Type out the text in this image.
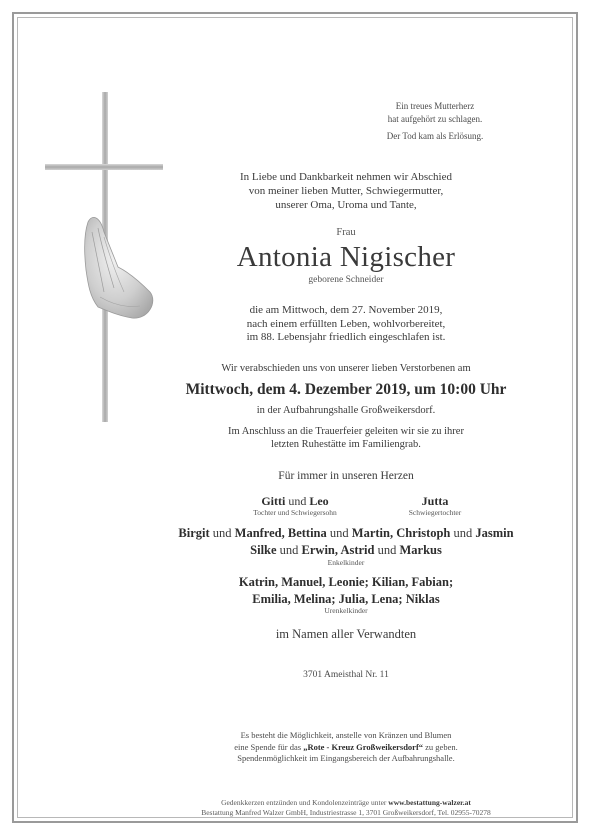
Ein treues Mutterherz
hat aufgehört zu schlagen.
Der Tod kam als Erlösung.
In Liebe und Dankbarkeit nehmen wir Abschied
von meiner lieben Mutter, Schwiegermutter,
unserer Oma, Uroma und Tante,
Frau
Antonia Nigischer
geborene Schneider
die am Mittwoch, dem 27. November 2019,
nach einem erfüllten Leben, wohlvorbereitet,
im 88. Lebensjahr friedlich eingeschlafen ist.
Wir verabschieden uns von unserer lieben Verstorbenen am
Mittwoch, dem 4. Dezember 2019, um 10:00 Uhr
in der Aufbahrungshalle Großweikersdorf.
Im Anschluss an die Trauerfeier geleiten wir sie zu ihrer
letzten Ruhestätte im Familiengrab.
Für immer in unseren Herzen
Gitti und Leo
Tochter und Schwiegersohn
Jutta
Schwiegertochter
Birgit und Manfred, Bettina und Martin, Christoph und Jasmin
Silke und Erwin, Astrid und Markus
Enkelkinder
Katrin, Manuel, Leonie; Kilian, Fabian;
Emilia, Melina; Julia, Lena; Niklas
Urenkelkinder
im Namen aller Verwandten
3701 Ameisthal Nr. 11
Es besteht die Möglichkeit, anstelle von Kränzen und Blumen
eine Spende für das „Rote - Kreuz Großweikersdorf“ zu geben.
Spendenmöglichkeit im Eingangsbereich der Aufbahrungshalle.
Gedenkkerzen entzünden und Kondolenzeinträge unter www.bestattung-walzer.at
Bestattung Manfred Walzer GmbH, Industriestrasse 1, 3701 Großweikersdorf, Tel. 02955-70278
